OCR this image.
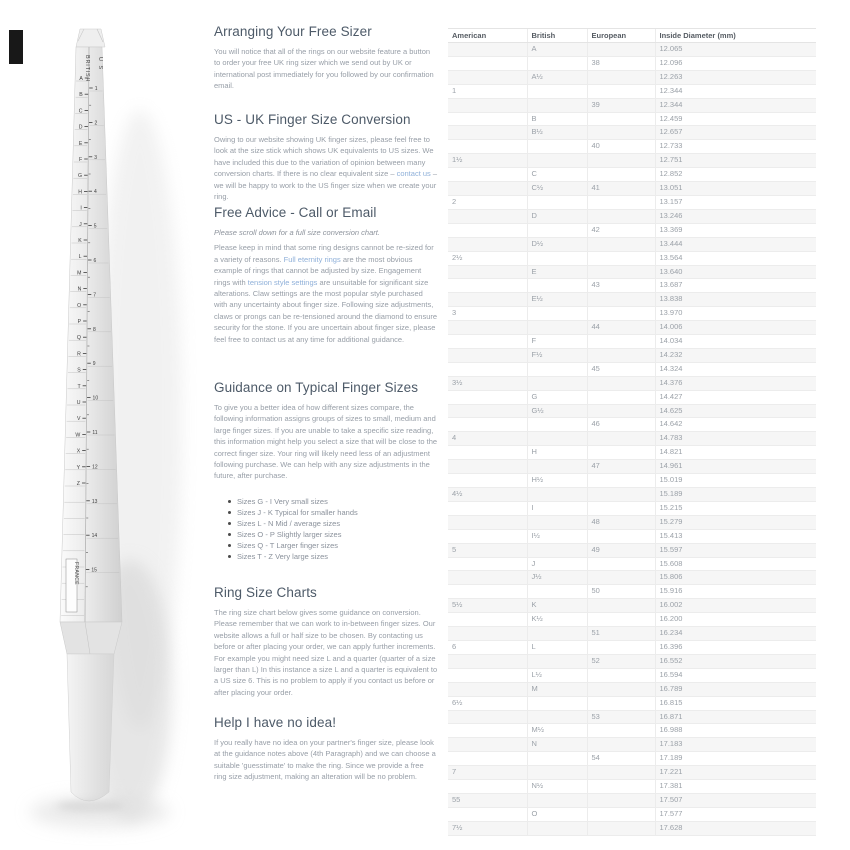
BRITISH U S
A
B
C
D
E
F
G
H
I
J
K
L
M
N
O
P
Q
R
S
T
U
V
W
X
Y
Z
1
2
3
4
5
6
7
8
9
10
11
12
13
14
15
FRANCE
Arranging Your Free Sizer

You will notice that all of the rings on our website feature a button to order your free UK ring sizer which we send out by UK or international post immediately for you followed by our confirmation email.

US - UK Finger Size Conversion

Owing to our website showing UK finger sizes, please feel free to look at the size stick which shows UK equivalents to US sizes. We have included this due to the variation of opinion between many conversion charts. If there is no clear equivalent size – contact us – we will be happy to work to the US finger size when we create your ring.

Free Advice - Call or Email

Please scroll down for a full size conversion chart.

Please keep in mind that some ring designs cannot be re-sized for a variety of reasons. Full eternity rings are the most obvious example of rings that cannot be adjusted by size. Engagement rings with tension style settings are unsuitable for significant size alterations. Claw settings are the most popular style purchased with any uncertainty about finger size. Following size adjustments, claws or prongs can be re-tensioned around the diamond to ensure security for the stone. If you are uncertain about finger size, please feel free to contact us at any time for additional guidance.

Guidance on Typical Finger Sizes

To give you a better idea of how different sizes compare, the following information assigns groups of sizes to small, medium and large finger sizes. If you are unable to take a specific size reading, this information might help you select a size that will be close to the correct finger size. Your ring will likely need less of an adjustment following purchase. We can help with any size adjustments in the future, after purchase.

Sizes G - I Very small sizes
Sizes J - K Typical for smaller hands
Sizes L - N Mid / average sizes
Sizes O - P Slightly larger sizes
Sizes Q - T Larger finger sizes
Sizes T - Z Very large sizes
Ring Size Charts

The ring size chart below gives some guidance on conversion. Please remember that we can work to in-between finger sizes. Our website allows a full or half size to be chosen. By contacting us before or after placing your order, we can apply further increments. For example you might need size L and a quarter (quarter of a size larger than L) In this instance a size L and a quarter is equivalent to a US size 6. This is no problem to apply if you contact us before or after placing your order.

Help I have no idea!

If you really have no idea on your partner's finger size, please look at the guidance notes above (4th Paragraph) and we can choose a suitable 'guesstimate' to make the ring. Since we provide a free ring size adjustment, making an alteration will be no problem.

American	British	European	Inside Diameter (mm)
	A		12.065
		38	12.096
	A½		12.263
1			12.344
		39	12.344
	B		12.459
	B½		12.657
		40	12.733
1½			12.751
	C		12.852
	C½	41	13.051
2			13.157
	D		13.246
		42	13.369
	D½		13.444
2½			13.564
	E		13.640
		43	13.687
	E½		13.838
3			13.970
		44	14.006
	F		14.034
	F½		14.232
		45	14.324
3½			14.376
	G		14.427
	G½		14.625
		46	14.642
4			14.783
	H		14.821
		47	14.961
	H½		15.019
4½			15.189
	I		15.215
		48	15.279
	I½		15.413
5		49	15.597
	J		15.608
	J½		15.806
		50	15.916
5½	K		16.002
	K½		16.200
		51	16.234
6	L		16.396
		52	16.552
	L½		16.594
	M		16.789
6½			16.815
		53	16.871
	M½		16.988
	N		17.183
		54	17.189
7			17.221
	N½		17.381
55			17.507
	O		17.577
7½			17.628
